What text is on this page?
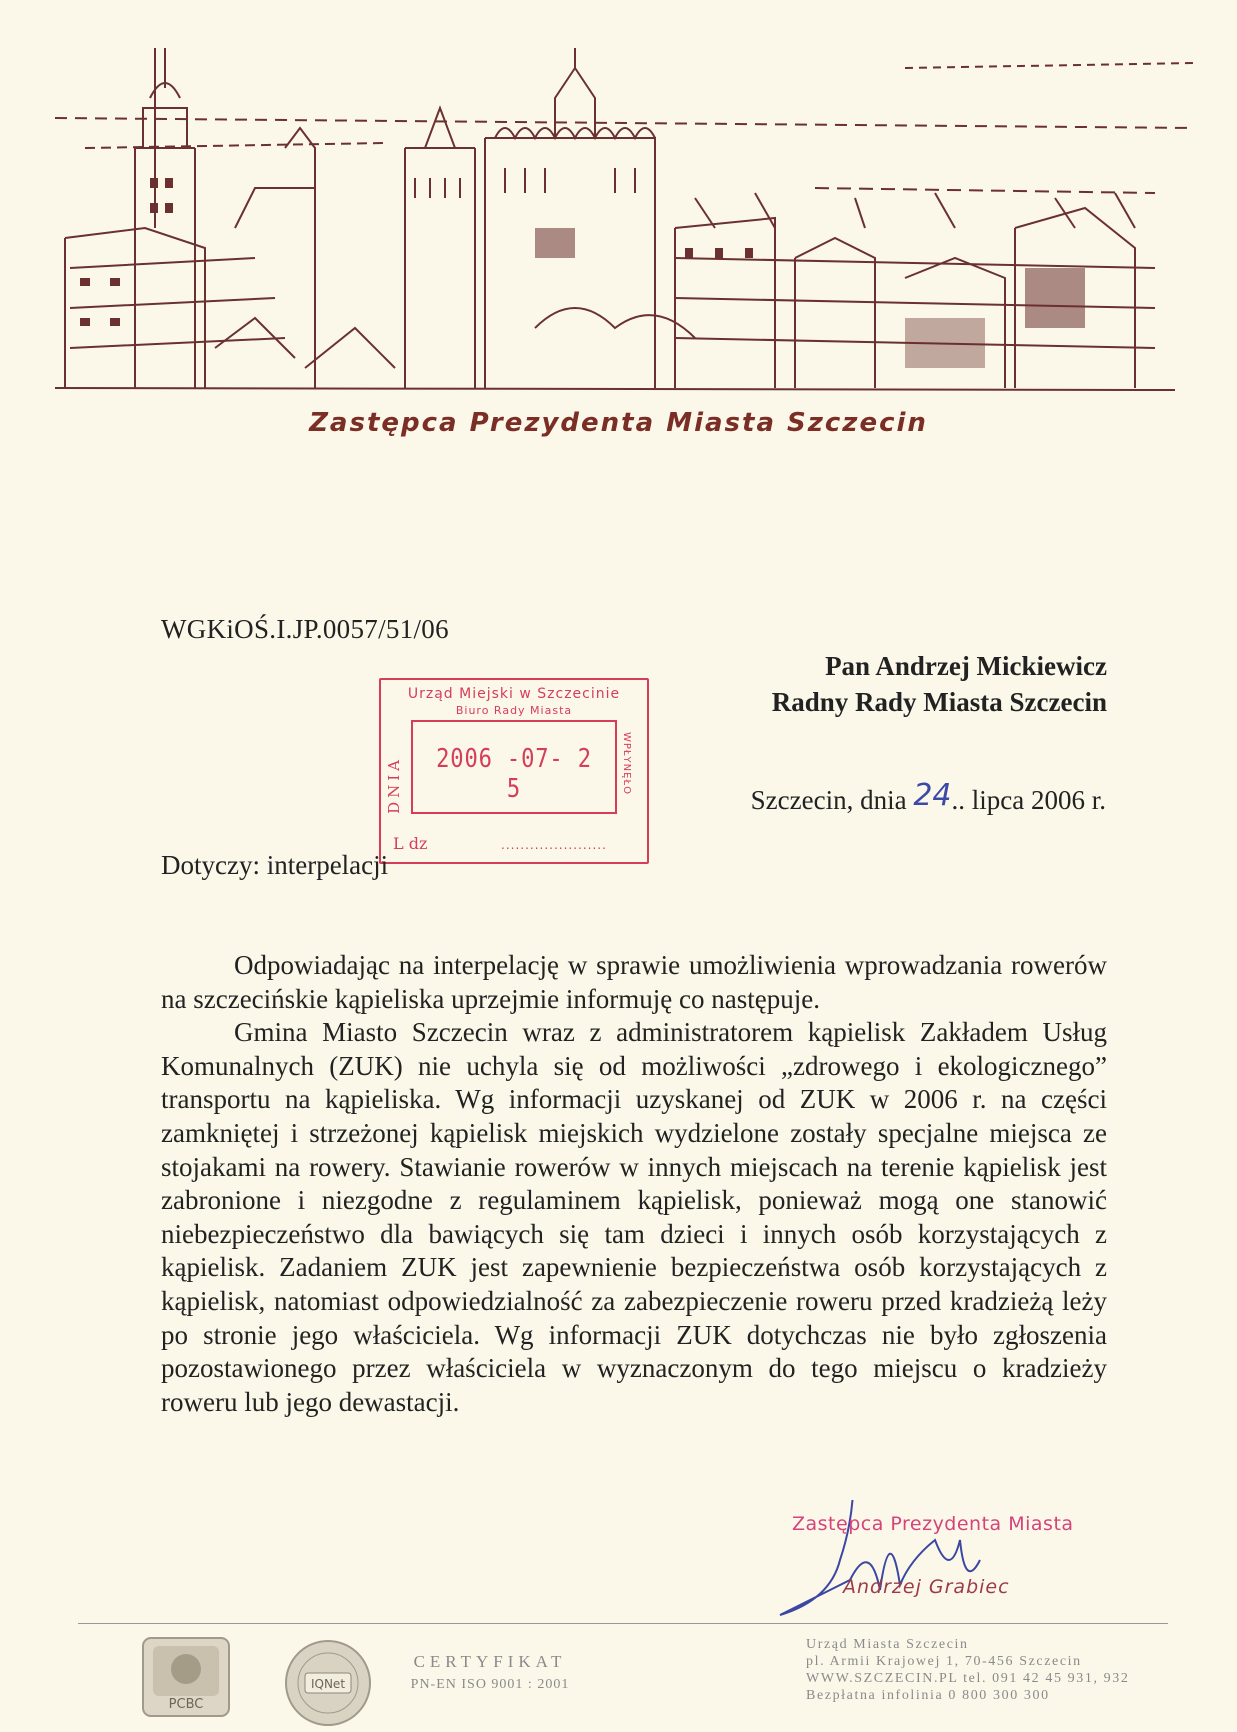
Zastępca Prezydenta Miasta Szczecin
WGKiOŚ.I.JP.0057/51/06
Pan Andrzej Mickiewicz
Radny Rady Miasta Szczecin
Urząd Miejski w Szczecinie
Biuro Rady Miasta
2006 -07- 2 5
DNIA	WPŁYNĘŁO
L dz	......................
Szczecin, dnia 24.. lipca 2006 r.
Dotyczy: interpelacji

Odpowiadając na interpelację w sprawie umożliwienia wprowadzania rowerów na szczecińskie kąpieliska uprzejmie informuję co następuje.

Gmina Miasto Szczecin wraz z administratorem kąpielisk Zakładem Usług Komunalnych (ZUK) nie uchyla się od możliwości „zdrowego i ekologicznego” transportu na kąpieliska. Wg informacji uzyskanej od ZUK w 2006 r. na części zamkniętej i strzeżonej kąpielisk miejskich wydzielone zostały specjalne miejsca ze stojakami na rowery. Stawianie rowerów w innych miejscach na terenie kąpielisk jest zabronione i niezgodne z regulaminem kąpielisk, ponieważ mogą one stanowić niebezpieczeństwo dla bawiących się tam dzieci i innych osób korzystających z kąpielisk. Zadaniem ZUK jest zapewnienie bezpieczeństwa osób korzystających z kąpielisk, natomiast odpowiedzialność za zabezpieczenie roweru przed kradzieżą leży po stronie jego właściciela. Wg informacji ZUK dotychczas nie było zgłoszenia pozostawionego przez właściciela w wyznaczonym do tego miejscu o kradzieży roweru lub jego dewastacji.

Zastępca Prezydenta Miasta
Andrzej Grabiec
PCBC
IQNet
CERTYFIKAT
PN-EN ISO 9001 : 2001
Urząd Miasta Szczecin
pl. Armii Krajowej 1, 70-456 Szczecin
WWW.SZCZECIN.PL tel. 091 42 45 931, 932
Bezpłatna infolinia 0 800 300 300
